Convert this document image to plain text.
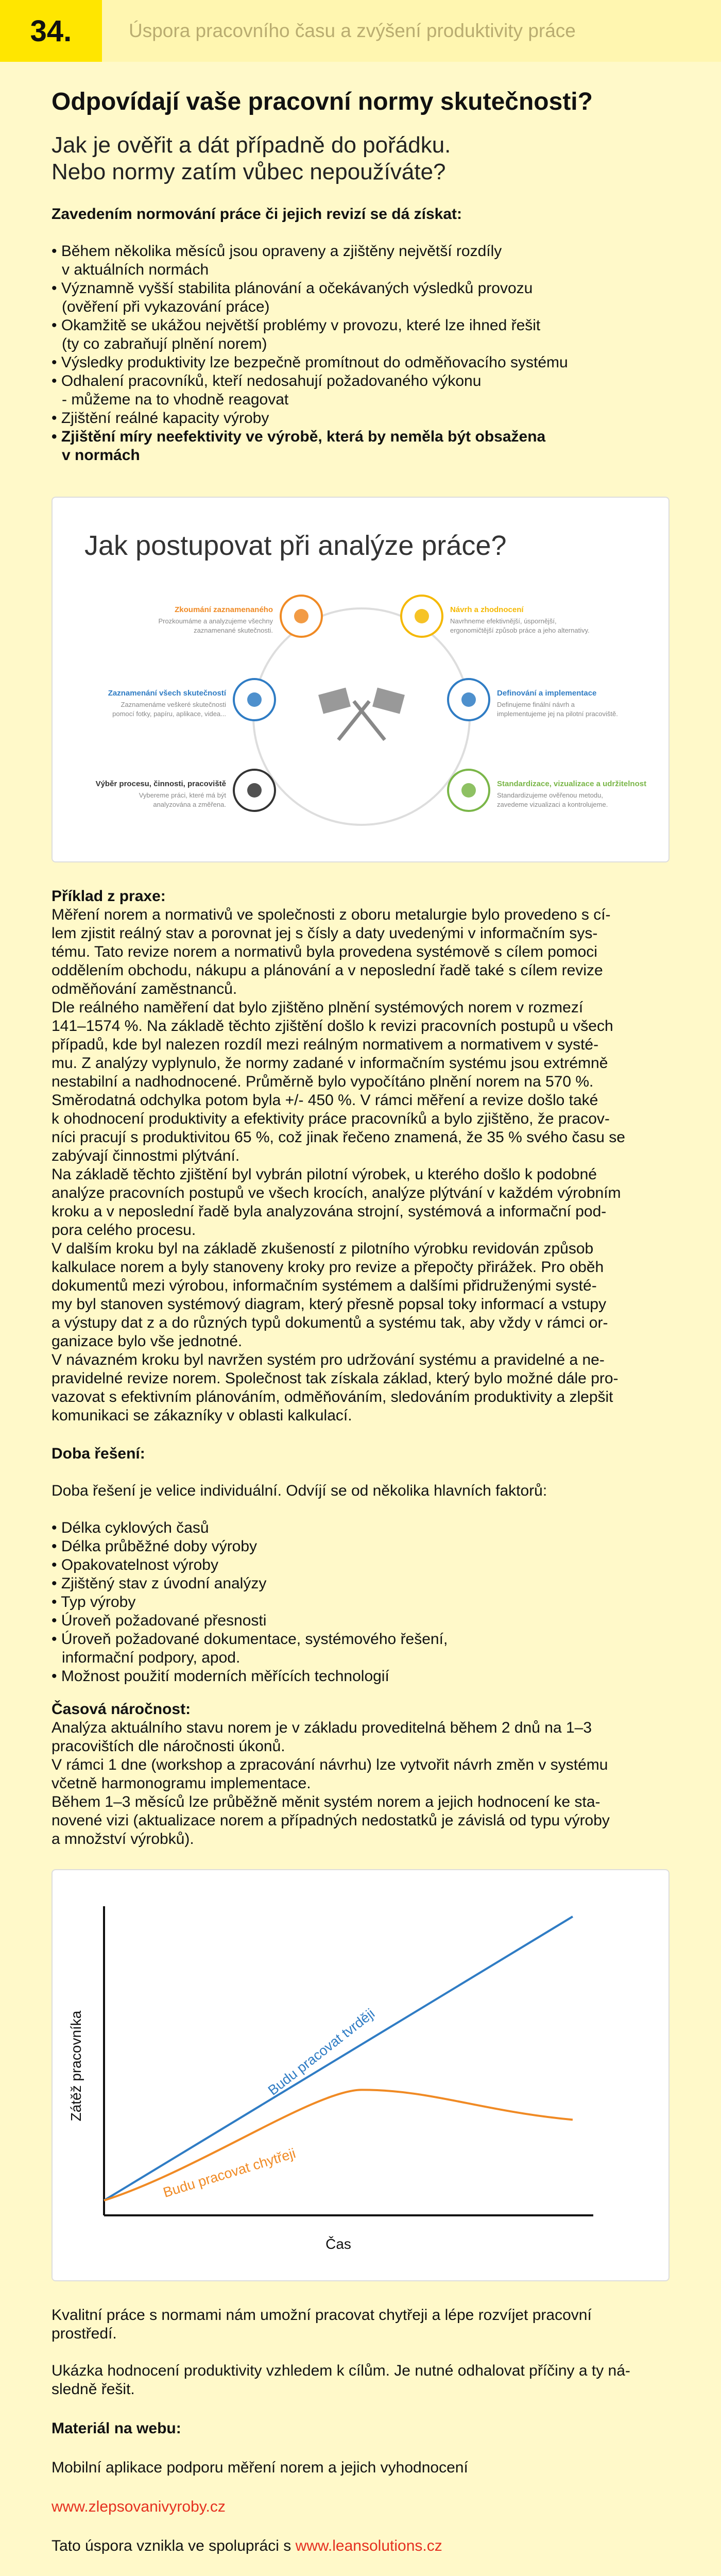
34.	Úspora pracovního času a zvýšení produktivity práce
Odpovídají vaše pracovní normy skutečnosti?
Jak je ověřit a dát případně do pořádku.
Nebo normy zatím vůbec nepoužíváte?
Zavedením normování práce či jejich revizí se dá získat:
• Během několika měsíců jsou opraveny a zjištěny největší rozdíly
v aktuálních normách
• Významně vyšší stabilita plánování a očekávaných výsledků provozu
(ověření při vykazování práce)
• Okamžitě se ukážou největší problémy v provozu, které lze ihned řešit
(ty co zabraňují plnění norem)
• Výsledky produktivity lze bezpečně promítnout do odměňovacího systému
• Odhalení pracovníků, kteří nedosahují požadovaného výkonu
- můžeme na to vhodně reagovat
• Zjištění reálné kapacity výroby
• Zjištění míry neefektivity ve výrobě, která by neměla být obsažena
v normách
Jak postupovat při analýze práce?
Zkoumání zaznamenaného
Prozkoumáme a analyzujeme všechny
zaznamenané skutečnosti.
Návrh a zhodnocení
Navrhneme efektivnější, úspornější,
ergonomičtější způsob práce a jeho alternativy.
Zaznamenání všech skutečností
Zaznamenáme veškeré skutečnosti
pomocí fotky, papíru, aplikace, videa...
Definování a implementace
Definujeme finální návrh a
implementujeme jej na pilotní pracoviště.
Výběr procesu, činnosti, pracoviště
Vybereme práci, které má být
analyzována a změřena.
Standardizace, vizualizace a udržitelnost
Standardizujeme ověřenou metodu,
zavedeme vizualizaci a kontrolujeme.
Příklad z praxe:
Měření norem a normativů ve společnosti z oboru metalurgie bylo provedeno s cí-
lem zjistit reálný stav a porovnat jej s čísly a daty uvedenými v informačním sys-
tému. Tato revize norem a normativů byla provedena systémově s cílem pomoci
oddělením obchodu, nákupu a plánování a v neposlední řadě také s cílem revize
odměňování zaměstnanců.
Dle reálného naměření dat bylo zjištěno plnění systémových norem v rozmezí
141–1574 %. Na základě těchto zjištění došlo k revizi pracovních postupů u všech
případů, kde byl nalezen rozdíl mezi reálným normativem a normativem v systé-
mu. Z analýzy vyplynulo, že normy zadané v informačním systému jsou extrémně
nestabilní a nadhodnocené. Průměrně bylo vypočítáno plnění norem na 570 %.
Směrodatná odchylka potom byla +/- 450 %. V rámci měření a revize došlo také
k ohodnocení produktivity a efektivity práce pracovníků a bylo zjištěno, že pracov-
níci pracují s produktivitou 65 %, což jinak řečeno znamená, že 35 % svého času se
zabývají činnostmi plýtvání.
Na základě těchto zjištění byl vybrán pilotní výrobek, u kterého došlo k podobné
analýze pracovních postupů ve všech krocích, analýze plýtvání v každém výrobním
kroku a v neposlední řadě byla analyzována strojní, systémová a informační pod-
pora celého procesu.
V dalším kroku byl na základě zkušeností z pilotního výrobku revidován způsob
kalkulace norem a byly stanoveny kroky pro revize a přepočty přirážek. Pro oběh
dokumentů mezi výrobou, informačním systémem a dalšími přidruženými systé-
my byl stanoven systémový diagram, který přesně popsal toky informací a vstupy
a výstupy dat z a do různých typů dokumentů a systému tak, aby vždy v rámci or-
ganizace bylo vše jednotné.
V návazném kroku byl navržen systém pro udržování systému a pravidelné a ne-
pravidelné revize norem. Společnost tak získala základ, který bylo možné dále pro-
vazovat s efektivním plánováním, odměňováním, sledováním produktivity a zlepšit
komunikaci se zákazníky v oblasti kalkulací.
Doba řešení:
Doba řešení je velice individuální. Odvíjí se od několika hlavních faktorů:
• Délka cyklových časů
• Délka průběžné doby výroby
• Opakovatelnost výroby
• Zjištěný stav z úvodní analýzy
• Typ výroby
• Úroveň požadované přesnosti
• Úroveň požadované dokumentace, systémového řešení,
informační podpory, apod.
• Možnost použití moderních měřících technologií
Časová náročnost:
Analýza aktuálního stavu norem je v základu proveditelná během 2 dnů na 1–3
pracovištích dle náročnosti úkonů.
V rámci 1 dne (workshop a zpracování návrhu) lze vytvořit návrh změn v systému
včetně harmonogramu implementace.
Během 1–3 měsíců lze průběžně měnit systém norem a jejich hodnocení ke sta-
novené vizi (aktualizace norem a případných nedostatků je závislá od typu výroby
a množství výrobků).
Čas
Zátěž pracovníka	Budu pracovat tvrději
Budu pracovat chytřeji
Kvalitní práce s normami nám umožní pracovat chytřeji a lépe rozvíjet pracovní
prostředí.
Ukázka hodnocení produktivity vzhledem k cílům. Je nutné odhalovat příčiny a ty ná-
sledně řešit.
Materiál na webu:
Mobilní aplikace podporu měření norem a jejich vyhodnocení
www.zlepsovanivyroby.cz
Tato úspora vznikla ve spolupráci s www.leansolutions.cz
